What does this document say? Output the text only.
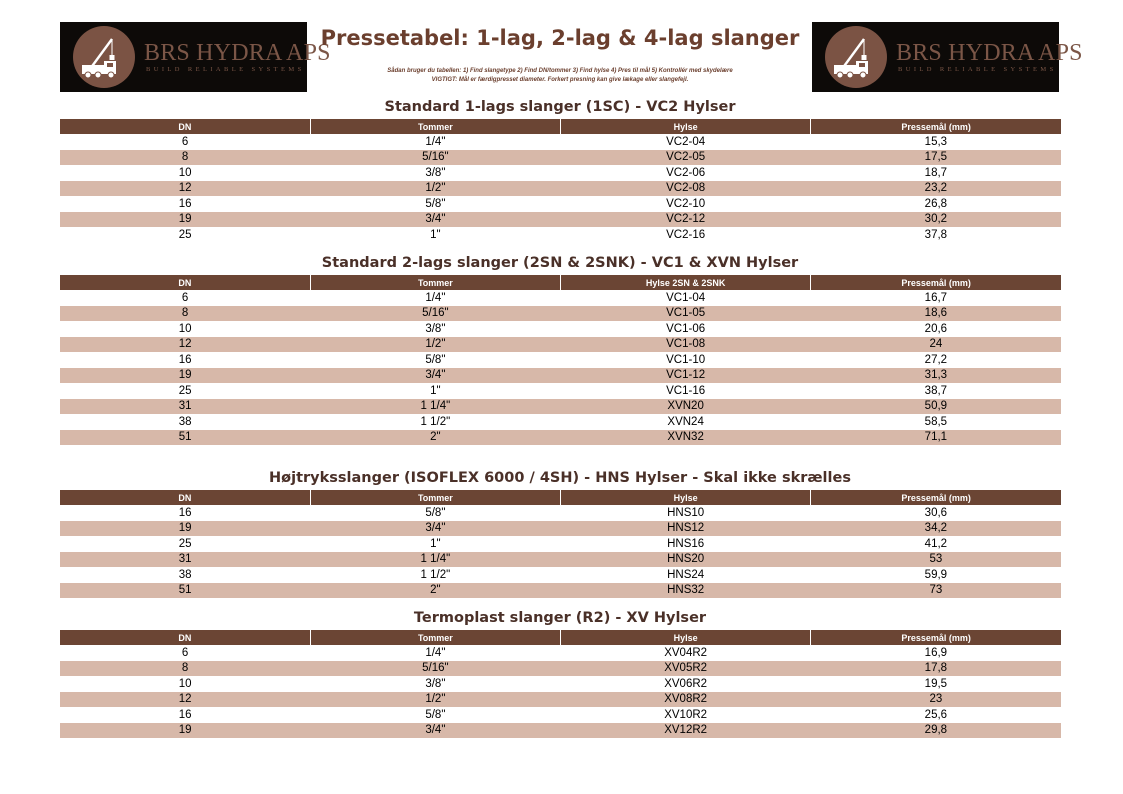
BRS HYDRA APS
BUILD RELIABLE SYSTEMS
BRS HYDRA APS
BUILD RELIABLE SYSTEMS
Pressetabel: 1-lag, 2-lag & 4-lag slanger
Sådan bruger du tabellen: 1) Find slangetype 2) Find DN/tommer 3) Find hylse 4) Pres til mål 5) Kontrollér med skydelære
VIGTIGT: Mål er færdigpresset diameter. Forkert presning kan give lækage eller slangefejl.
Standard 1-lags slanger (1SC) - VC2 Hylser
DN	Tommer	Hylse	Pressemål (mm)
6	1/4"	VC2-04	15,3
8	5/16"	VC2-05	17,5
10	3/8"	VC2-06	18,7
12	1/2"	VC2-08	23,2
16	5/8"	VC2-10	26,8
19	3/4"	VC2-12	30,2
25	1"	VC2-16	37,8
Standard 2-lags slanger (2SN & 2SNK) - VC1 & XVN Hylser
DN	Tommer	Hylse 2SN & 2SNK	Pressemål (mm)
6	1/4"	VC1-04	16,7
8	5/16"	VC1-05	18,6
10	3/8"	VC1-06	20,6
12	1/2"	VC1-08	24
16	5/8"	VC1-10	27,2
19	3/4"	VC1-12	31,3
25	1"	VC1-16	38,7
31	1 1/4"	XVN20	50,9
38	1 1/2"	XVN24	58,5
51	2"	XVN32	71,1
Højtryksslanger (ISOFLEX 6000 / 4SH) - HNS Hylser - Skal ikke skrælles
DN	Tommer	Hylse	Pressemål (mm)
16	5/8"	HNS10	30,6
19	3/4"	HNS12	34,2
25	1"	HNS16	41,2
31	1 1/4"	HNS20	53
38	1 1/2"	HNS24	59,9
51	2"	HNS32	73
Termoplast slanger (R2) - XV Hylser
DN	Tommer	Hylse	Pressemål (mm)
6	1/4"	XV04R2	16,9
8	5/16"	XV05R2	17,8
10	3/8"	XV06R2	19,5
12	1/2"	XV08R2	23
16	5/8"	XV10R2	25,6
19	3/4"	XV12R2	29,8
